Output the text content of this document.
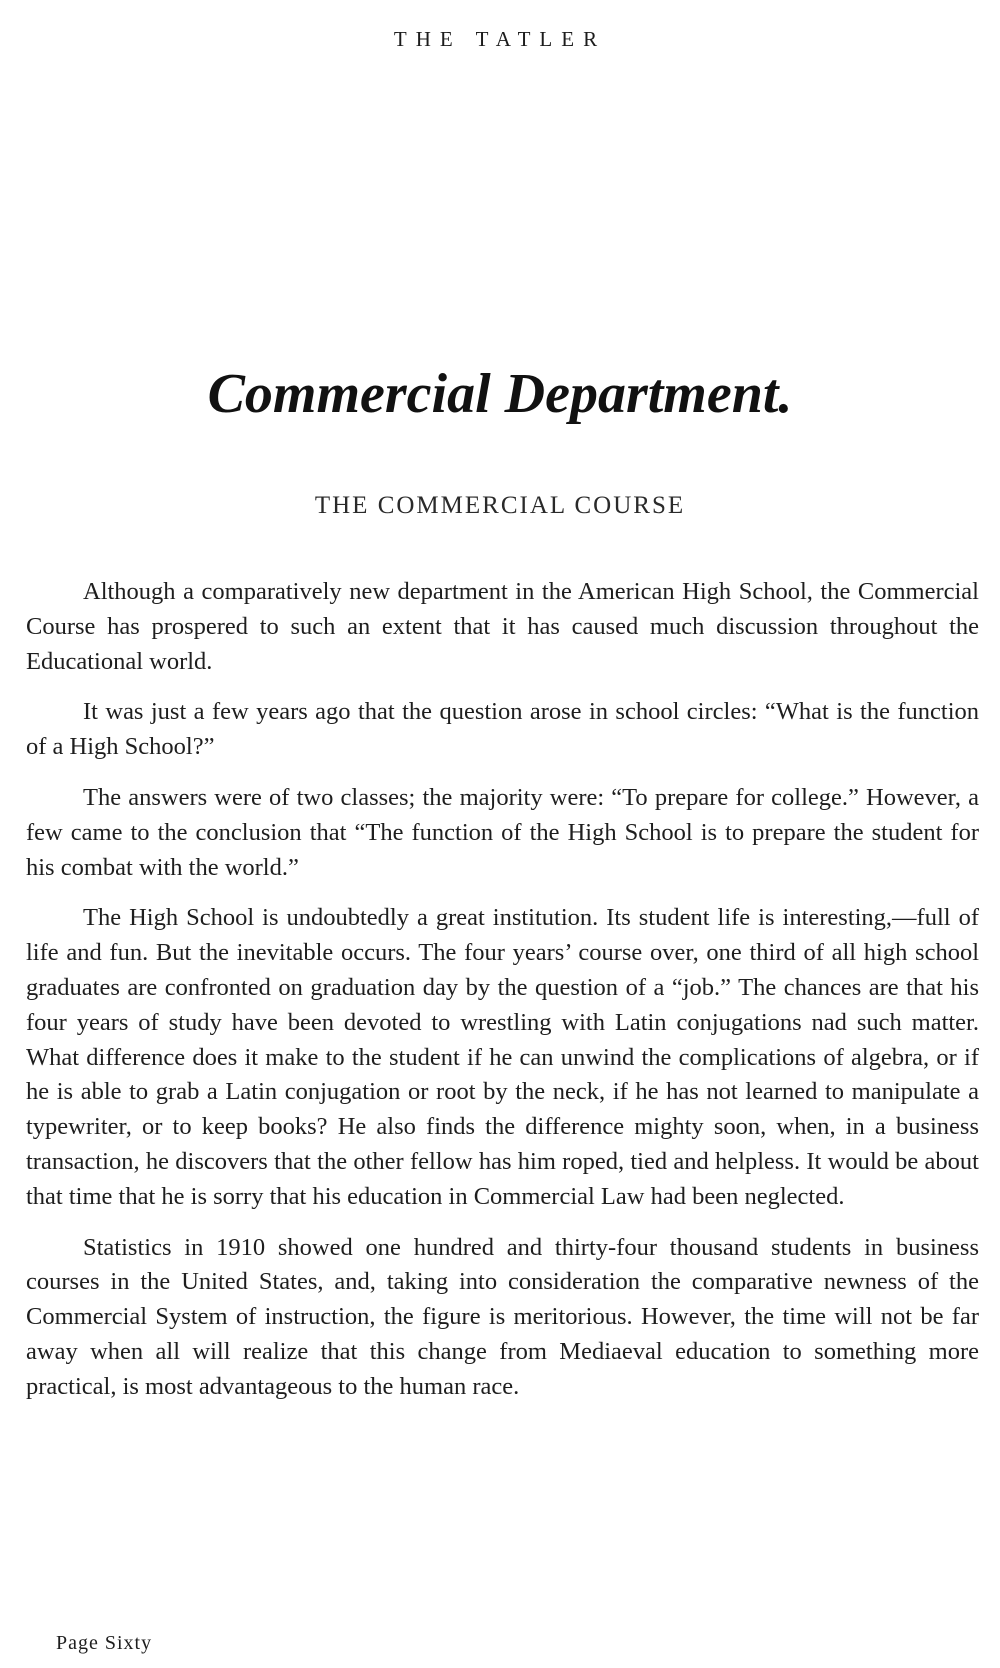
THE TATLER
Commercial Department.
THE COMMERCIAL COURSE

Although a comparatively new department in the American High School, the Commercial Course has prospered to such an extent that it has caused much discussion throughout the Educational world.

It was just a few years ago that the question arose in school circles: “What is the function of a High School?”

The answers were of two classes; the majority were: “To prepare for college.” However, a few came to the conclusion that “The function of the High School is to prepare the student for his combat with the world.”

The High School is undoubtedly a great institution. Its student life is interesting,—full of life and fun. But the inevitable occurs. The four years’ course over, one third of all high school graduates are confronted on graduation day by the question of a “job.” The chances are that his four years of study have been devoted to wrestling with Latin conjugations nad such matter. What difference does it make to the student if he can unwind the complications of algebra, or if he is able to grab a Latin conjugation or root by the neck, if he has not learned to manipulate a typewriter, or to keep books? He also finds the difference mighty soon, when, in a business transaction, he discovers that the other fellow has him roped, tied and helpless. It would be about that time that he is sorry that his education in Commercial Law had been neglected.

Statistics in 1910 showed one hundred and thirty-four thousand students in business courses in the United States, and, taking into consideration the comparative newness of the Commercial System of instruction, the figure is meritorious. However, the time will not be far away when all will realize that this change from Mediaeval education to something more practical, is most advantageous to the human race.

Page Sixty
